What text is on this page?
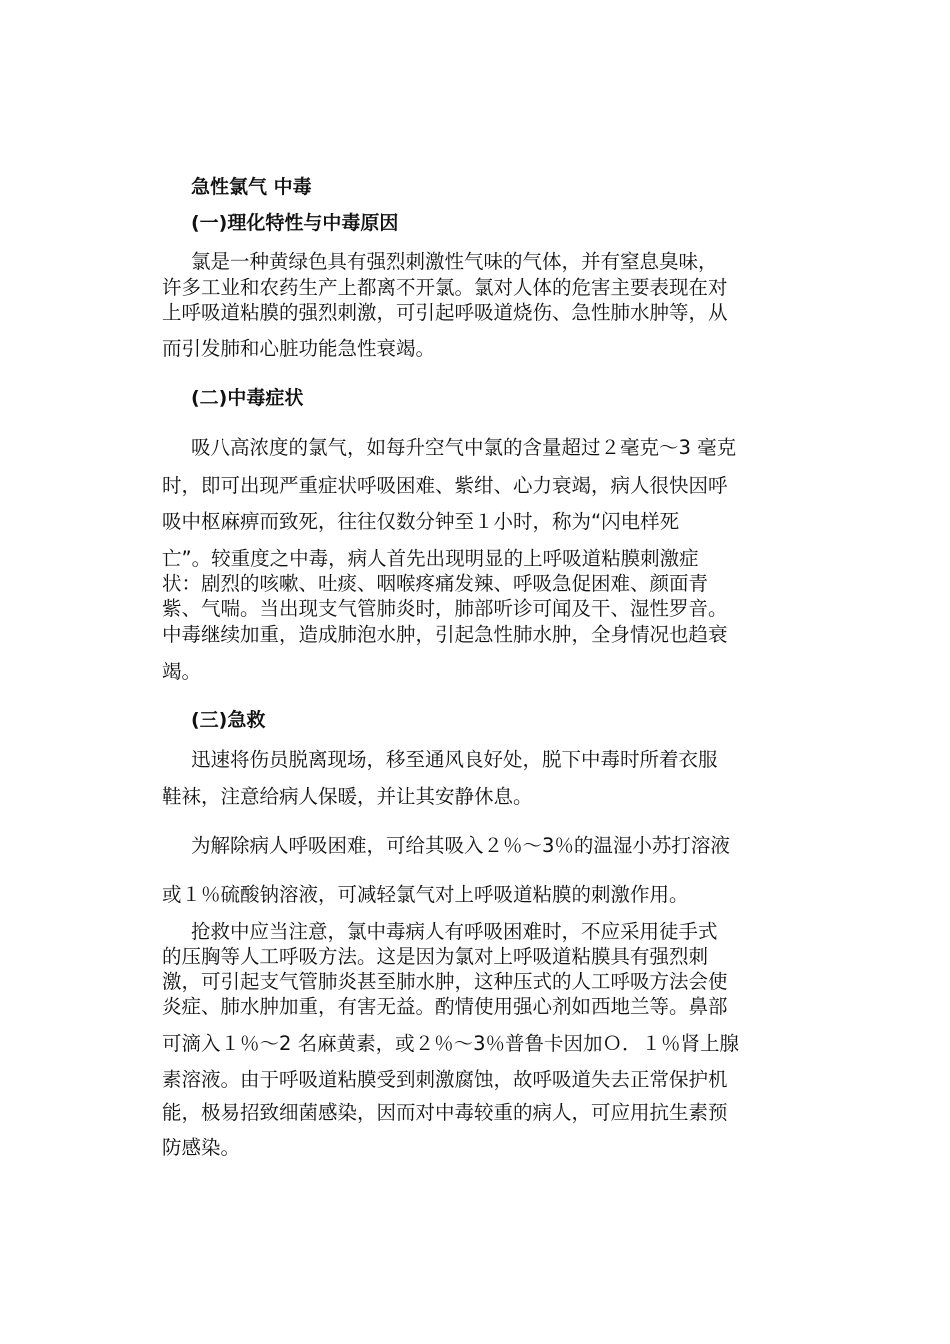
急性氯气 中毒
(一)理化特性与中毒原因
氯是一种黄绿色具有强烈刺激性气味的气体，并有窒息臭味，
许多工业和农药生产上都离不开氯。氯对人体的危害主要表现在对
上呼吸道粘膜的强烈刺激，可引起呼吸道烧伤、急性肺水肿等，从
而引发肺和心脏功能急性衰竭。
(二)中毒症状
吸八高浓度的氯气，如每升空气中氯的含量超过２毫克～3 毫克
时，即可出现严重症状呼吸困难、紫绀、心力衰竭，病人很快因呼
吸中枢麻痹而致死，往往仅数分钟至１小时，称为“闪电样死
亡”。较重度之中毒，病人首先出现明显的上呼吸道粘膜刺激症
状：剧烈的咳嗽、吐痰、咽喉疼痛发辣、呼吸急促困难、颜面青
紫、气喘。当出现支气管肺炎时，肺部听诊可闻及干、湿性罗音。
中毒继续加重，造成肺泡水肿，引起急性肺水肿，全身情况也趋衰
竭。
(三)急救
迅速将伤员脱离现场，移至通风良好处，脱下中毒时所着衣服
鞋袜，注意给病人保暖，并让其安静休息。
为解除病人呼吸困难，可给其吸入２％～3％的温湿小苏打溶液
或１％硫酸钠溶液，可减轻氯气对上呼吸道粘膜的刺激作用。
抢救中应当注意，氯中毒病人有呼吸困难时，不应采用徒手式
的压胸等人工呼吸方法。这是因为氯对上呼吸道粘膜具有强烈刺
激，可引起支气管肺炎甚至肺水肿，这种压式的人工呼吸方法会使
炎症、肺水肿加重，有害无益。酌情使用强心剂如西地兰等。鼻部
可滴入１％～2 名麻黄素，或２％～3％普鲁卡因加Ｏ．１％肾上腺
素溶液。由于呼吸道粘膜受到刺激腐蚀，故呼吸道失去正常保护机
能，极易招致细菌感染，因而对中毒较重的病人，可应用抗生素预
防感染。
